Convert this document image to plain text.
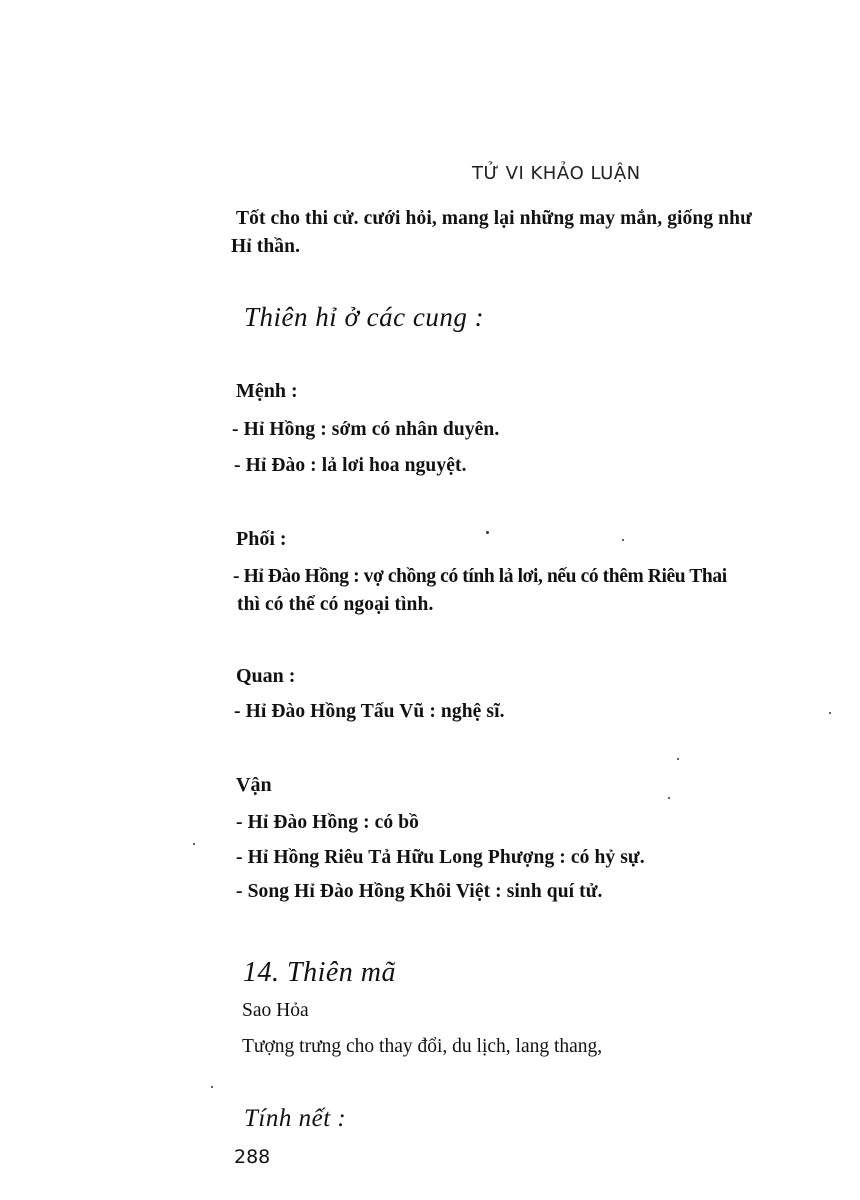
TỬ VI KHẢO LUẬN
Tốt cho thi cử. cưới hỏi, mang lại những may mắn, giống như
Hỉ thần.
Thiên hỉ ở các cung :
Mệnh :
- Hỉ Hồng : sớm có nhân duyên.
- Hỉ Đào : lả lơi hoa nguyệt.
Phối :
- Hỉ Đào Hồng : vợ chồng có tính lả lơi, nếu có thêm Riêu Thai
thì có thể có ngoại tình.
Quan :
- Hỉ Đào Hồng Tấu Vũ : nghệ sĩ.
Vận
- Hỉ Đào Hồng : có bồ
- Hỉ Hồng Riêu Tả Hữu Long Phượng : có hỷ sự.
- Song Hỉ Đào Hồng Khôi Việt : sinh quí tử.
14. Thiên mã
Sao Hỏa
Tượng trưng cho thay đổi, du lịch, lang thang,
Tính nết :
288
